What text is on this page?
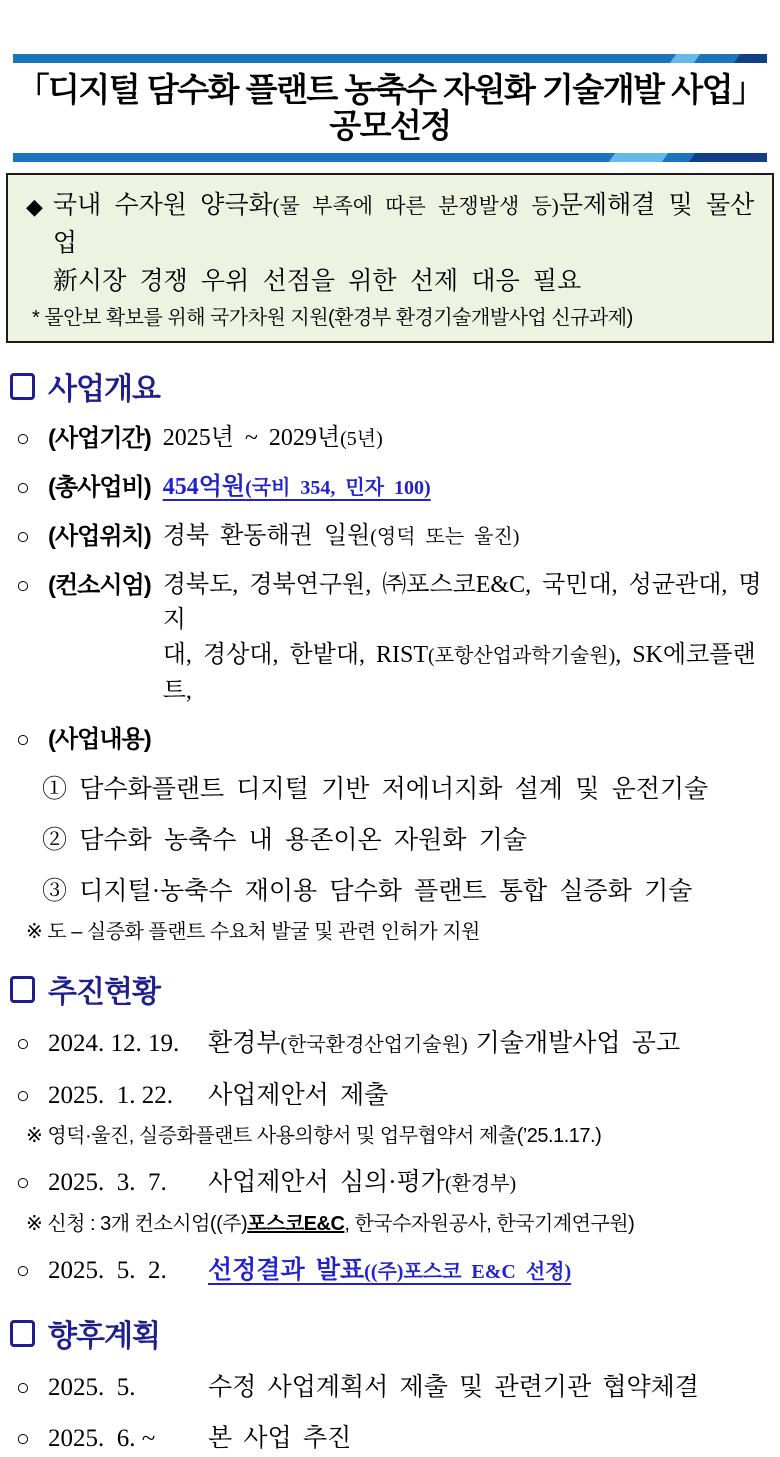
「디지털 담수화 플랜트 농축수 자원화 기술개발 사업」 공모선정
◆ 국내 수자원 양극화(물 부족에 따른 분쟁발생 등)문제해결 및 물산업
新시장 경쟁 우위 선점을 위한 선제 대응 필요
* 물안보 확보를 위해 국가차원 지원(환경부 환경기술개발사업 신규과제)
사업개요
○ (사업기간) 2025년 ~ 2029년(5년)
○ (총사업비) 454억원(국비 354, 민자 100)
○ (사업위치) 경북 환동해권 일원(영덕 또는 울진)
○ (컨소시엄) 경북도, 경북연구원, ㈜포스코E&C, 국민대, 성균관대, 명지
대, 경상대, 한밭대, RIST(포항산업과학기술원), SK에코플랜트,
○ (사업내용)
① 담수화플랜트 디지털 기반 저에너지화 설계 및 운전기술
② 담수화 농축수 내 용존이온 자원화 기술
③ 디지털·농축수 재이용 담수화 플랜트 통합 실증화 기술
※ 도 – 실증화 플랜트 수요처 발굴 및 관련 인허가 지원
추진현황
○ 2024. 12. 19.	환경부(한국환경산업기술원) 기술개발사업 공고
○ 2025.  1. 22.	사업제안서 제출
※ 영덕·울진, 실증화플랜트 사용의향서 및 업무협약서 제출(’25.1.17.)
○ 2025.  3.  7.	사업제안서 심의·평가(환경부)
※ 신청 : 3개 컨소시엄((주)포스코E&C, 한국수자원공사, 한국기계연구원)
○ 2025.  5.  2.	선정결과 발표((주)포스코 E&C 선정)
향후계획
○ 2025.  5.	수정 사업계획서 제출 및 관련기관 협약체결
○ 2025.  6. ~	본 사업 추진
